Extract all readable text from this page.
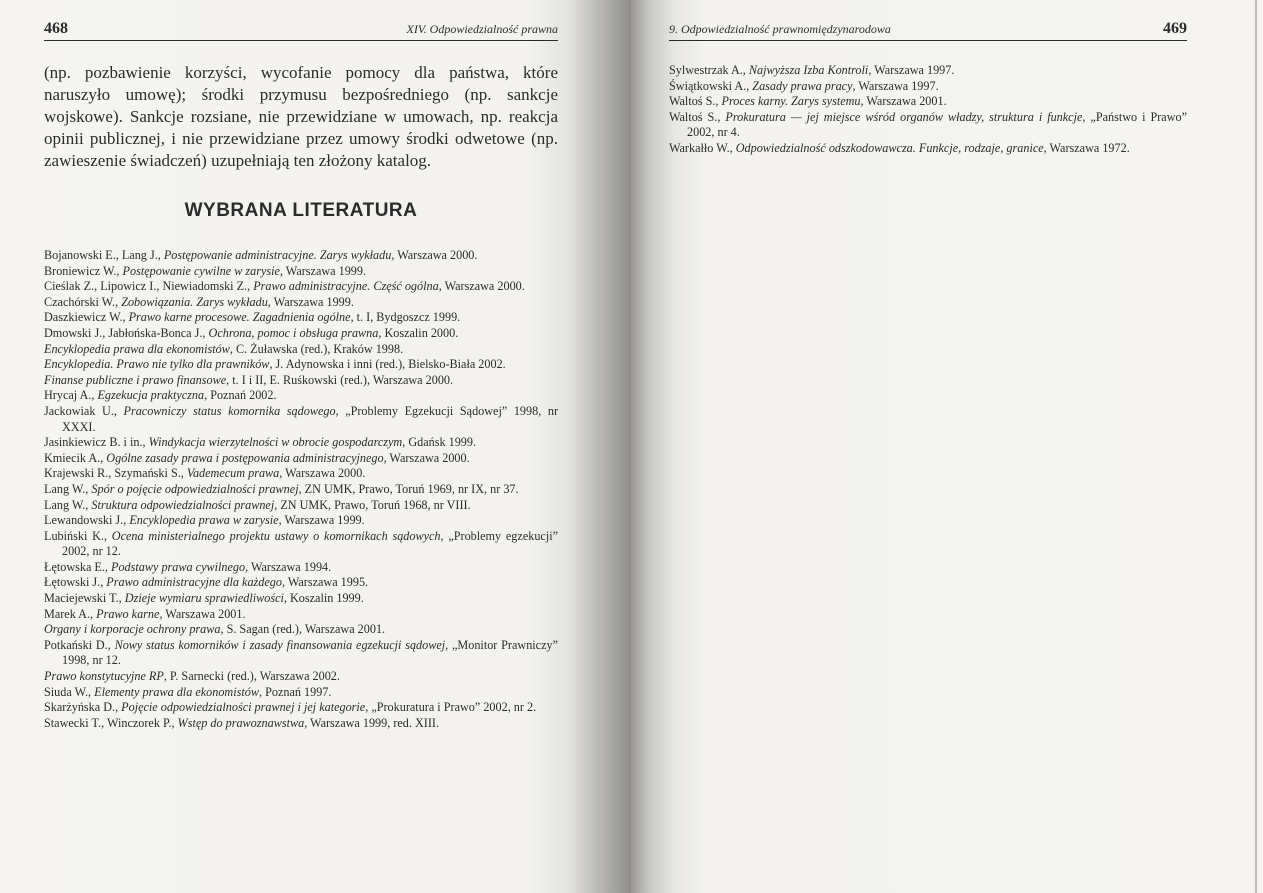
468	XIV. Odpowiedzialność prawna

(np. pozbawienie korzyści, wycofanie pomocy dla państwa, które naruszyło umowę); środki przymusu bezpośredniego (np. sankcje wojskowe). Sankcje rozsiane, nie przewidziane w umowach, np. reakcja opinii publicznej, i nie przewidziane przez umowy środki odwetowe (np. zawieszenie świadczeń) uzupełniają ten złożony katalog.

WYBRANA LITERATURA
Bojanowski E., Lang J., Postępowanie administracyjne. Zarys wykładu, Warszawa 2000.
Broniewicz W., Postępowanie cywilne w zarysie, Warszawa 1999.
Cieślak Z., Lipowicz I., Niewiadomski Z., Prawo administracyjne. Część ogólna, Warszawa 2000.
Czachórski W., Zobowiązania. Zarys wykładu, Warszawa 1999.
Daszkiewicz W., Prawo karne procesowe. Zagadnienia ogólne, t. I, Bydgoszcz 1999.
Dmowski J., Jabłońska-Bonca J., Ochrona, pomoc i obsługa prawna, Koszalin 2000.
Encyklopedia prawa dla ekonomistów, C. Żuławska (red.), Kraków 1998.
Encyklopedia. Prawo nie tylko dla prawników, J. Adynowska i inni (red.), Bielsko-Biała 2002.
Finanse publiczne i prawo finansowe, t. I i II, E. Ruśkowski (red.), Warszawa 2000.
Hrycaj A., Egzekucja praktyczna, Poznań 2002.
Jackowiak U., Pracowniczy status komornika sądowego, „Problemy Egzekucji Sądowej” 1998, nr XXXI.
Jasinkiewicz B. i in., Windykacja wierzytelności w obrocie gospodarczym, Gdańsk 1999.
Kmiecik A., Ogólne zasady prawa i postępowania administracyjnego, Warszawa 2000.
Krajewski R., Szymański S., Vademecum prawa, Warszawa 2000.
Lang W., Spór o pojęcie odpowiedzialności prawnej, ZN UMK, Prawo, Toruń 1969, nr IX, nr 37.
Lang W., Struktura odpowiedzialności prawnej, ZN UMK, Prawo, Toruń 1968, nr VIII.
Lewandowski J., Encyklopedia prawa w zarysie, Warszawa 1999.
Lubiński K., Ocena ministerialnego projektu ustawy o komornikach sądowych, „Problemy egzekucji” 2002, nr 12.
Łętowska E., Podstawy prawa cywilnego, Warszawa 1994.
Łętowski J., Prawo administracyjne dla każdego, Warszawa 1995.
Maciejewski T., Dzieje wymiaru sprawiedliwości, Koszalin 1999.
Marek A., Prawo karne, Warszawa 2001.
Organy i korporacje ochrony prawa, S. Sagan (red.), Warszawa 2001.
Potkański D., Nowy status komorników i zasady finansowania egzekucji sądowej, „Monitor Prawniczy” 1998, nr 12.
Prawo konstytucyjne RP, P. Sarnecki (red.), Warszawa 2002.
Siuda W., Elementy prawa dla ekonomistów, Poznań 1997.
Skarżyńska D., Pojęcie odpowiedzialności prawnej i jej kategorie, „Prokuratura i Prawo” 2002, nr 2.
Stawecki T., Winczorek P., Wstęp do prawoznawstwa, Warszawa 1999, red. XIII.
9. Odpowiedzialność prawnomiędzynarodowa	469
Sylwestrzak A., Najwyższa Izba Kontroli, Warszawa 1997.
Świątkowski A., Zasady prawa pracy, Warszawa 1997.
Waltoś S., Proces karny. Zarys systemu, Warszawa 2001.
Waltoś S., Prokuratura — jej miejsce wśród organów władzy, struktura i funkcje, „Państwo i Prawo” 2002, nr 4.
Warkałło W., Odpowiedzialność odszkodowawcza. Funkcje, rodzaje, granice, Warszawa 1972.
